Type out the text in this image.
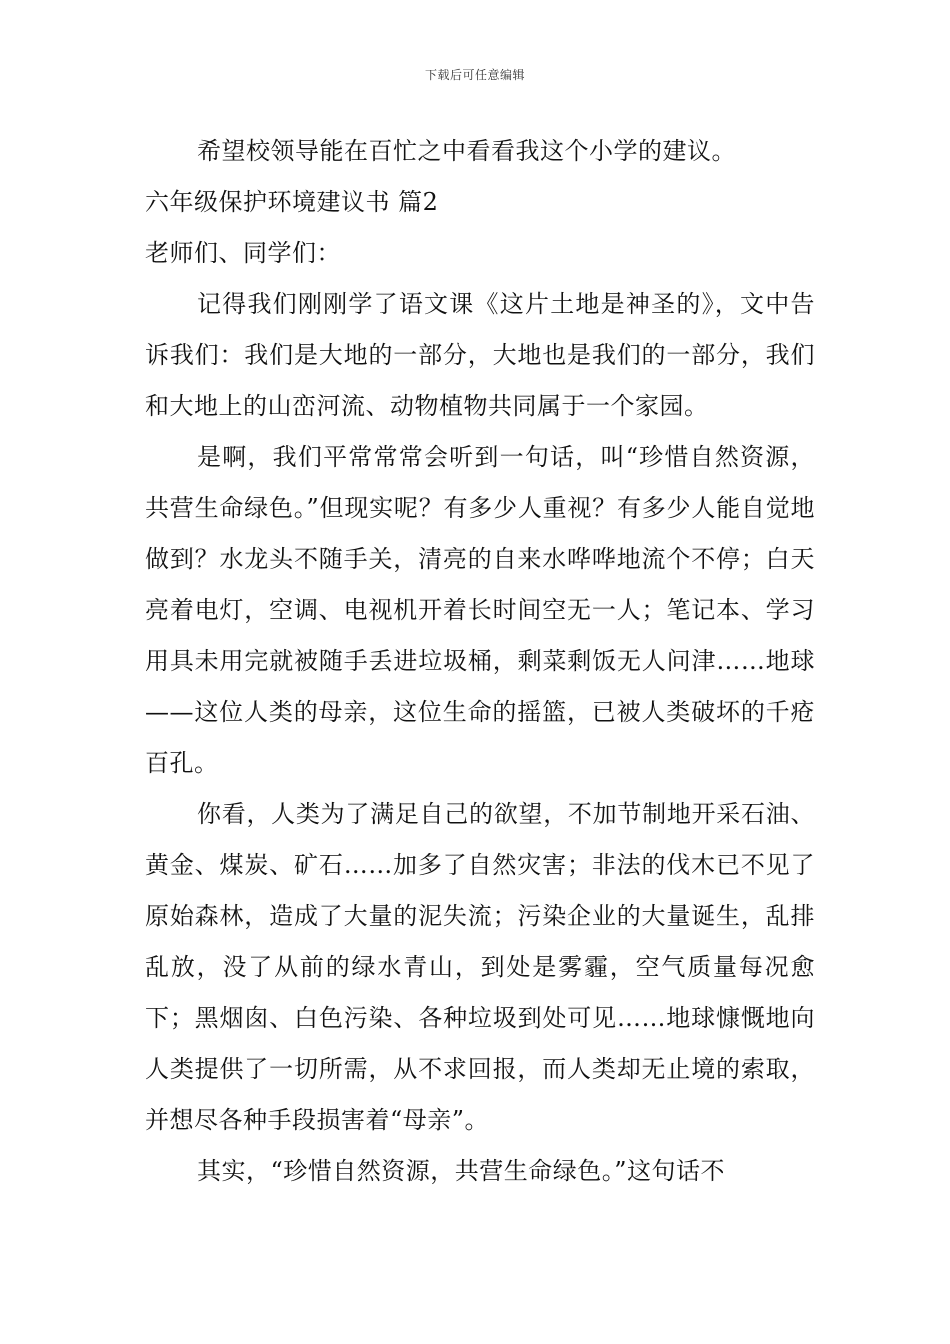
下载后可任意编辑

希望校领导能在百忙之中看看我这个小学的建议。

六年级保护环境建议书 篇2

老师们、同学们：

记得我们刚刚学了语文课《这片土地是神圣的》，文中告诉我们：我们是大地的一部分，大地也是我们的一部分，我们和大地上的山峦河流、动物植物共同属于一个家园。

是啊，我们平常常常会听到一句话，叫“珍惜自然资源，共营生命绿色。”但现实呢？有多少人重视？有多少人能自觉地做到？水龙头不随手关，清亮的自来水哗哗地流个不停；白天亮着电灯，空调、电视机开着长时间空无一人；笔记本、学习用具未用完就被随手丢进垃圾桶，剩菜剩饭无人问津……地球——这位人类的母亲，这位生命的摇篮，已被人类破坏的千疮百孔。

你看，人类为了满足自己的欲望，不加节制地开采石油、黄金、煤炭、矿石……加多了自然灾害；非法的伐木已不见了原始森林，造成了大量的泥失流；污染企业的大量诞生，乱排乱放，没了从前的绿水青山，到处是雾霾，空气质量每况愈下；黑烟囱、白色污染、各种垃圾到处可见……地球慷慨地向人类提供了一切所需，从不求回报，而人类却无止境的索取，并想尽各种手段损害着“母亲”。

其实，“珍惜自然资源，共营生命绿色。”这句话不
